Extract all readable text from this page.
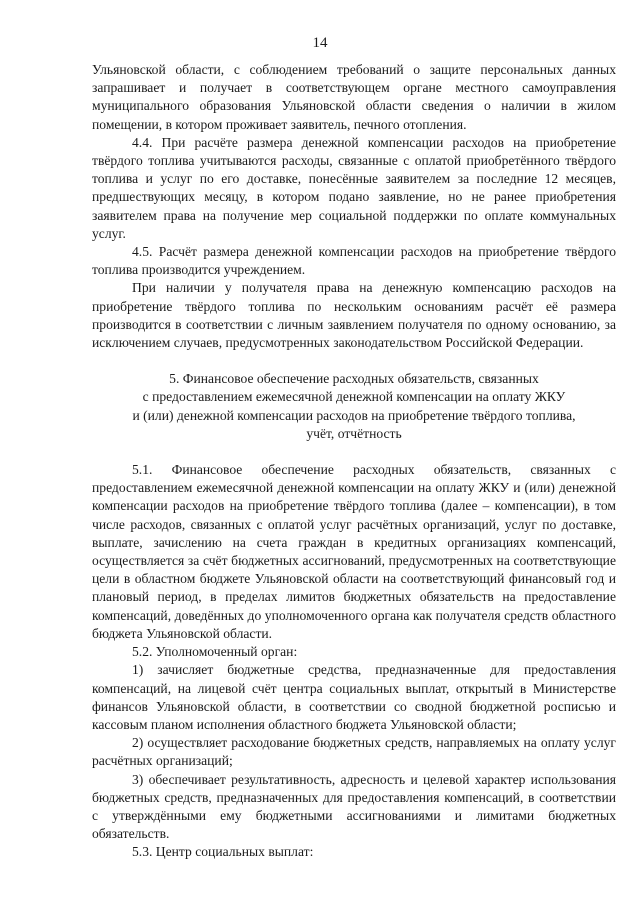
14

Ульяновской области, с соблюдением требований о защите персональных данных запрашивает и получает в соответствующем органе местного самоуправления муниципального образования Ульяновской области сведения о наличии в жилом помещении, в котором проживает заявитель, печного отопления.

4.4. При расчёте размера денежной компенсации расходов на приобретение твёрдого топлива учитываются расходы, связанные с оплатой приобретённого твёрдого топлива и услуг по его доставке, понесённые заявителем за последние 12 месяцев, предшествующих месяцу, в котором подано заявление, но не ранее приобретения заявителем права на получение мер социальной поддержки по оплате коммунальных услуг.

4.5. Расчёт размера денежной компенсации расходов на приобретение твёрдого топлива производится учреждением.

При наличии у получателя права на денежную компенсацию расходов на приобретение твёрдого топлива по нескольким основаниям расчёт её размера производится в соответствии с личным заявлением получателя по одному основанию, за исключением случаев, предусмотренных законодательством Российской Федерации.

5. Финансовое обеспечение расходных обязательств, связанных

с предоставлением ежемесячной денежной компенсации на оплату ЖКУ

и (или) денежной компенсации расходов на приобретение твёрдого топлива,

учёт, отчётность

5.1. Финансовое обеспечение расходных обязательств, связанных с предоставлением ежемесячной денежной компенсации на оплату ЖКУ и (или) денежной компенсации расходов на приобретение твёрдого топлива (далее – компенсации), в том числе расходов, связанных с оплатой услуг расчётных организаций, услуг по доставке, выплате, зачислению на счета граждан в кредитных организациях компенсаций, осуществляется за счёт бюджетных ассигнований, предусмотренных на соответствующие цели в областном бюджете Ульяновской области на соответствующий финансовый год и плановый период, в пределах лимитов бюджетных обязательств на предоставление компенсаций, доведённых до уполномоченного органа как получателя средств областного бюджета Ульяновской области.

5.2. Уполномоченный орган:

1) зачисляет бюджетные средства, предназначенные для предоставления компенсаций, на лицевой счёт центра социальных выплат, открытый в Министерстве финансов Ульяновской области, в соответствии со сводной бюджетной росписью и кассовым планом исполнения областного бюджета Ульяновской области;

2) осуществляет расходование бюджетных средств, направляемых на оплату услуг расчётных организаций;

3) обеспечивает результативность, адресность и целевой характер использования бюджетных средств, предназначенных для предоставления компенсаций, в соответствии с утверждёнными ему бюджетными ассигнованиями и лимитами бюджетных обязательств.

5.3. Центр социальных выплат:
